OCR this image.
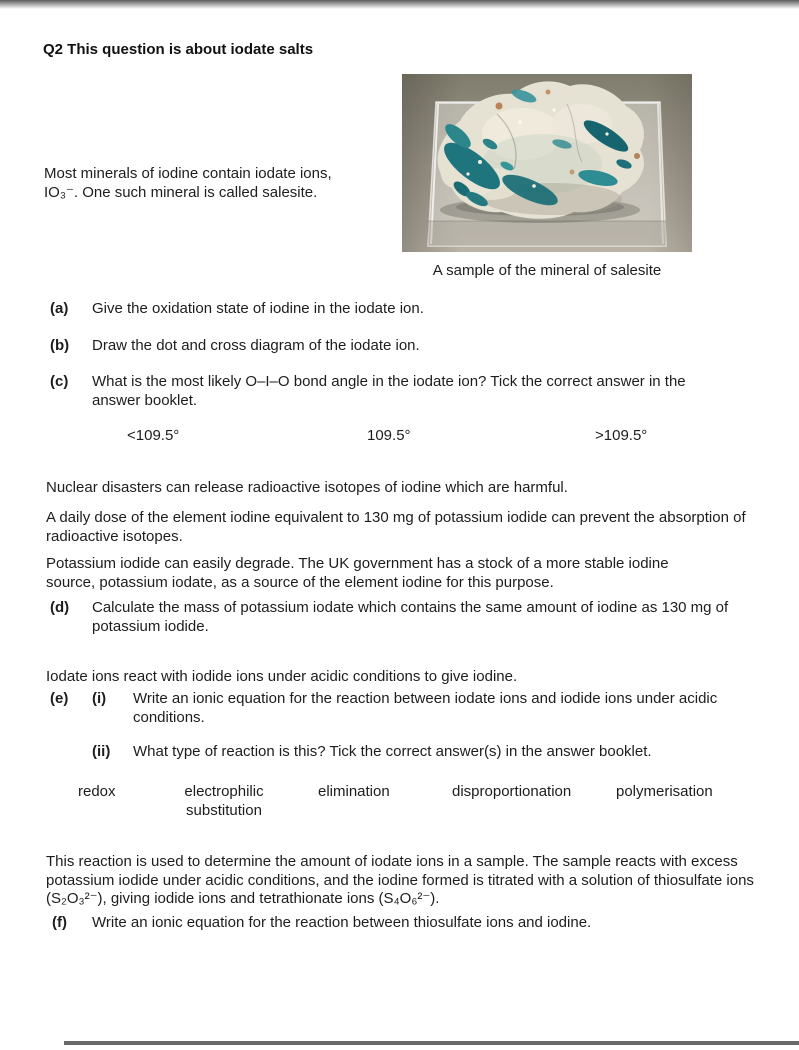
Q2 This question is about iodate salts

Most minerals of iodine contain iodate ions, IO₃⁻. One such mineral is called salesite.

A sample of the mineral of salesite
(a)	Give the oxidation state of iodine in the iodate ion.
(b)	Draw the dot and cross diagram of the iodate ion.
(c)	What is the most likely O–I–O bond angle in the iodate ion? Tick the correct answer in the answer booklet.
<109.5°	109.5°	>109.5°

Nuclear disasters can release radioactive isotopes of iodine which are harmful.

A daily dose of the element iodine equivalent to 130 mg of potassium iodide can prevent the absorption of radioactive isotopes.

Potassium iodide can easily degrade. The UK government has a stock of a more stable iodine source, potassium iodate, as a source of the element iodine for this purpose.

(d)	Calculate the mass of potassium iodate which contains the same amount of iodine as 130 mg of potassium iodide.

Iodate ions react with iodide ions under acidic conditions to give iodine.

(e)	(i)	Write an ionic equation for the reaction between iodate ions and iodide ions under acidic conditions.
(ii)	What type of reaction is this? Tick the correct answer(s) in the answer booklet.
redox	electrophilic substitution
elimination	disproportionation	polymerisation

This reaction is used to determine the amount of iodate ions in a sample. The sample reacts with excess potassium iodide under acidic conditions, and the iodine formed is titrated with a solution of thiosulfate ions (S₂O₃²⁻), giving iodide ions and tetrathionate ions (S₄O₆²⁻).

(f)	Write an ionic equation for the reaction between thiosulfate ions and iodine.
